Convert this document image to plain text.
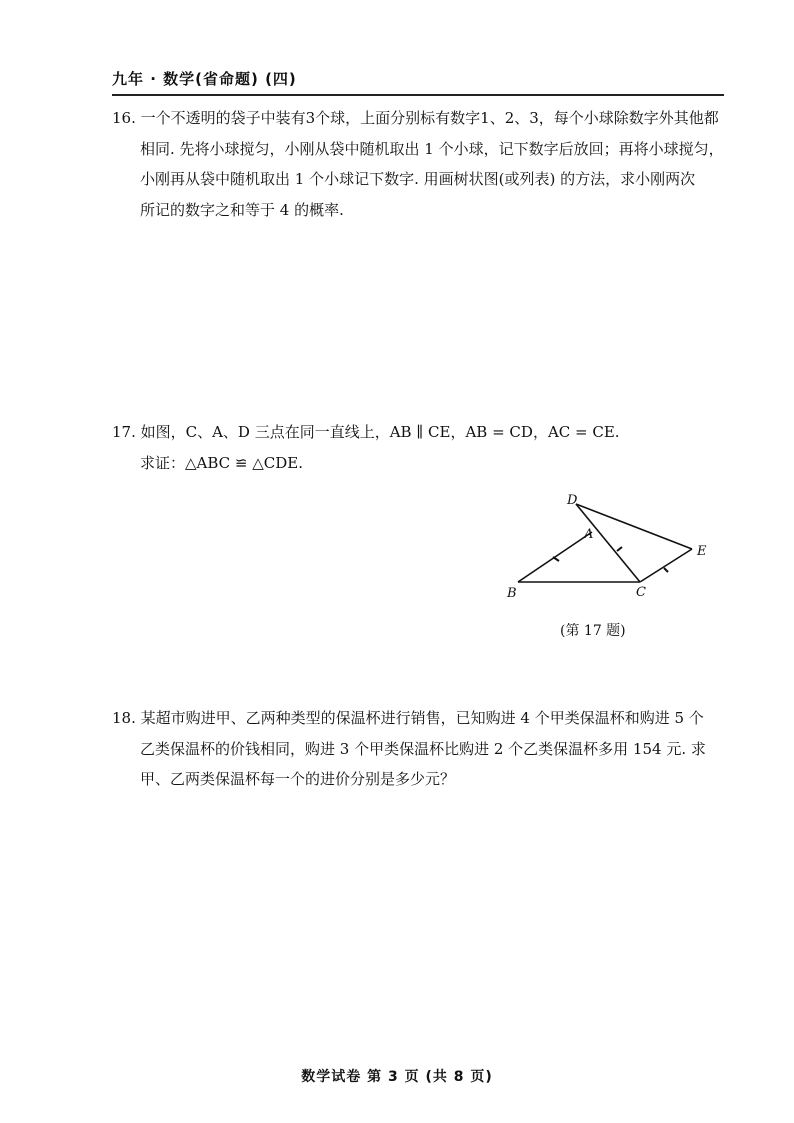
九年 · 数学(省命题) (四)
16. 一个不透明的袋子中装有3个球，上面分别标有数字1、2、3，每个小球除数字外其他都
相同. 先将小球搅匀，小刚从袋中随机取出 1 个小球，记下数字后放回；再将小球搅匀，
小刚再从袋中随机取出 1 个小球记下数字. 用画树状图(或列表) 的方法，求小刚两次
所记的数字之和等于 4 的概率.
17. 如图，C、A、D 三点在同一直线上，AB ∥ CE，AB = CD，AC = CE.
求证：△ABC ≌ △CDE.
D
A
E
B	C
(第 17 题)
18. 某超市购进甲、乙两种类型的保温杯进行销售，已知购进 4 个甲类保温杯和购进 5 个
乙类保温杯的价钱相同，购进 3 个甲类保温杯比购进 2 个乙类保温杯多用 154 元. 求
甲、乙两类保温杯每一个的进价分别是多少元？
数学试卷 第 3 页 (共 8 页)
